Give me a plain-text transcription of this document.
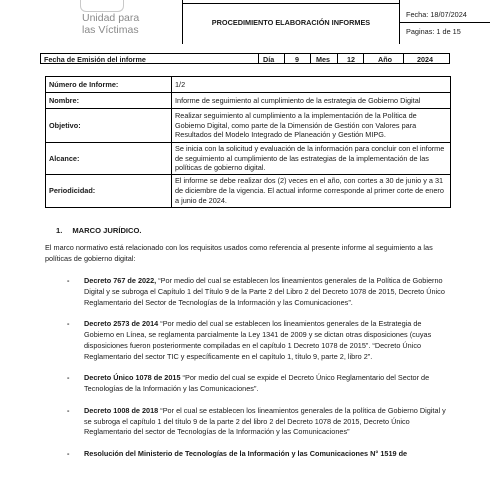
Unidad para
las Víctimas
PROCEDIMIENTO ELABORACIÓN INFORMES
Fecha: 18/07/2024
Paginas: 1 de 15
Fecha de Emisión del informe	Día	9 Mes 12	Año	2024
Número de Informe:	1/2
Nombre:	Informe de seguimiento al cumplimiento de la estrategia de Gobierno Digital
Objetivo:	Realizar seguimiento al cumplimiento a la implementación de la Política de Gobierno Digital, como parte de la Dimensión de Gestión con Valores para Resultados del Modelo Integrado de Planeación y Gestión MIPG.
Alcance:	Se inicia con la solicitud y evaluación de la información para concluir con el informe de seguimiento al cumplimiento de las estrategias de la implementación de las políticas de gobierno digital.
Periodicidad:	El informe se debe realizar dos (2) veces en el año, con cortes a 30 de junio y a 31 de diciembre de la vigencia. El actual informe corresponde al primer corte de enero a junio de 2024.
1. MARCO JURÍDICO.
El marco normativo está relacionado con los requisitos usados como referencia al presente informe al seguimiento a las políticas de gobierno digital:
- Decreto 767 de 2022, “Por medio del cual se establecen los lineamientos generales de la Política de Gobierno Digital y se subroga el Capítulo 1 del Título 9 de la Parte 2 del Libro 2 del Decreto 1078 de 2015, Decreto Único Reglamentario del Sector de Tecnologías de la Información y las Comunicaciones”.
- Decreto 2573 de 2014 “Por medio del cual se establecen los lineamientos generales de la Estrategia de Gobierno en Línea, se reglamenta parcialmente la Ley 1341 de 2009 y se dictan otras disposiciones (cuyas disposiciones fueron posteriormente compiladas en el capítulo 1 Decreto 1078 de 2015”. “Decreto Único Reglamentario del sector TIC y específicamente en el capítulo 1, título 9, parte 2, libro 2”.
- Decreto Único 1078 de 2015 “Por medio del cual se expide el Decreto Único Reglamentario del Sector de Tecnologías de la Información y las Comunicaciones”.
- Decreto 1008 de 2018 “Por el cual se establecen los lineamientos generales de la política de Gobierno Digital y se subroga el capítulo 1 del título 9 de la parte 2 del libro 2 del Decreto 1078 de 2015, Decreto Único Reglamentario del sector de Tecnologías de la Información y las Comunicaciones”
- Resolución del Ministerio de Tecnologías de la Información y las Comunicaciones N° 1519 de
